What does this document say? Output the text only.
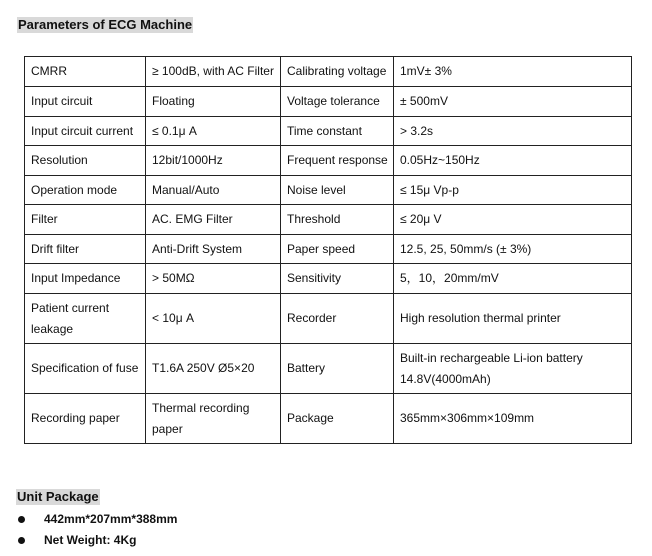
Parameters of ECG Machine
CMRR	≥ 100dB, with AC Filter	Calibrating voltage	1mV± 3%
Input circuit	Floating	Voltage tolerance	± 500mV
Input circuit current	≤ 0.1μ A	Time constant	> 3.2s
Resolution	12bit/1000Hz	Frequent response	0.05Hz~150Hz
Operation mode	Manual/Auto	Noise level	≤ 15μ Vp-p
Filter	AC. EMG Filter	Threshold	≤ 20μ V
Drift filter	Anti-Drift System	Paper speed	12.5, 25, 50mm/s (± 3%)
Input Impedance	> 50MΩ	Sensitivity	5，10，20mm/mV
Patient current leakage	< 10μ A	Recorder	High resolution thermal printer
Specification of fuse	T1.6A 250V Ø5×20	Battery	Built-in rechargeable Li-ion battery 14.8V(4000mAh)
Recording paper	Thermal recording paper	Package	365mm×306mm×109mm
Unit Package
442mm*207mm*388mm
Net Weight: 4Kg
